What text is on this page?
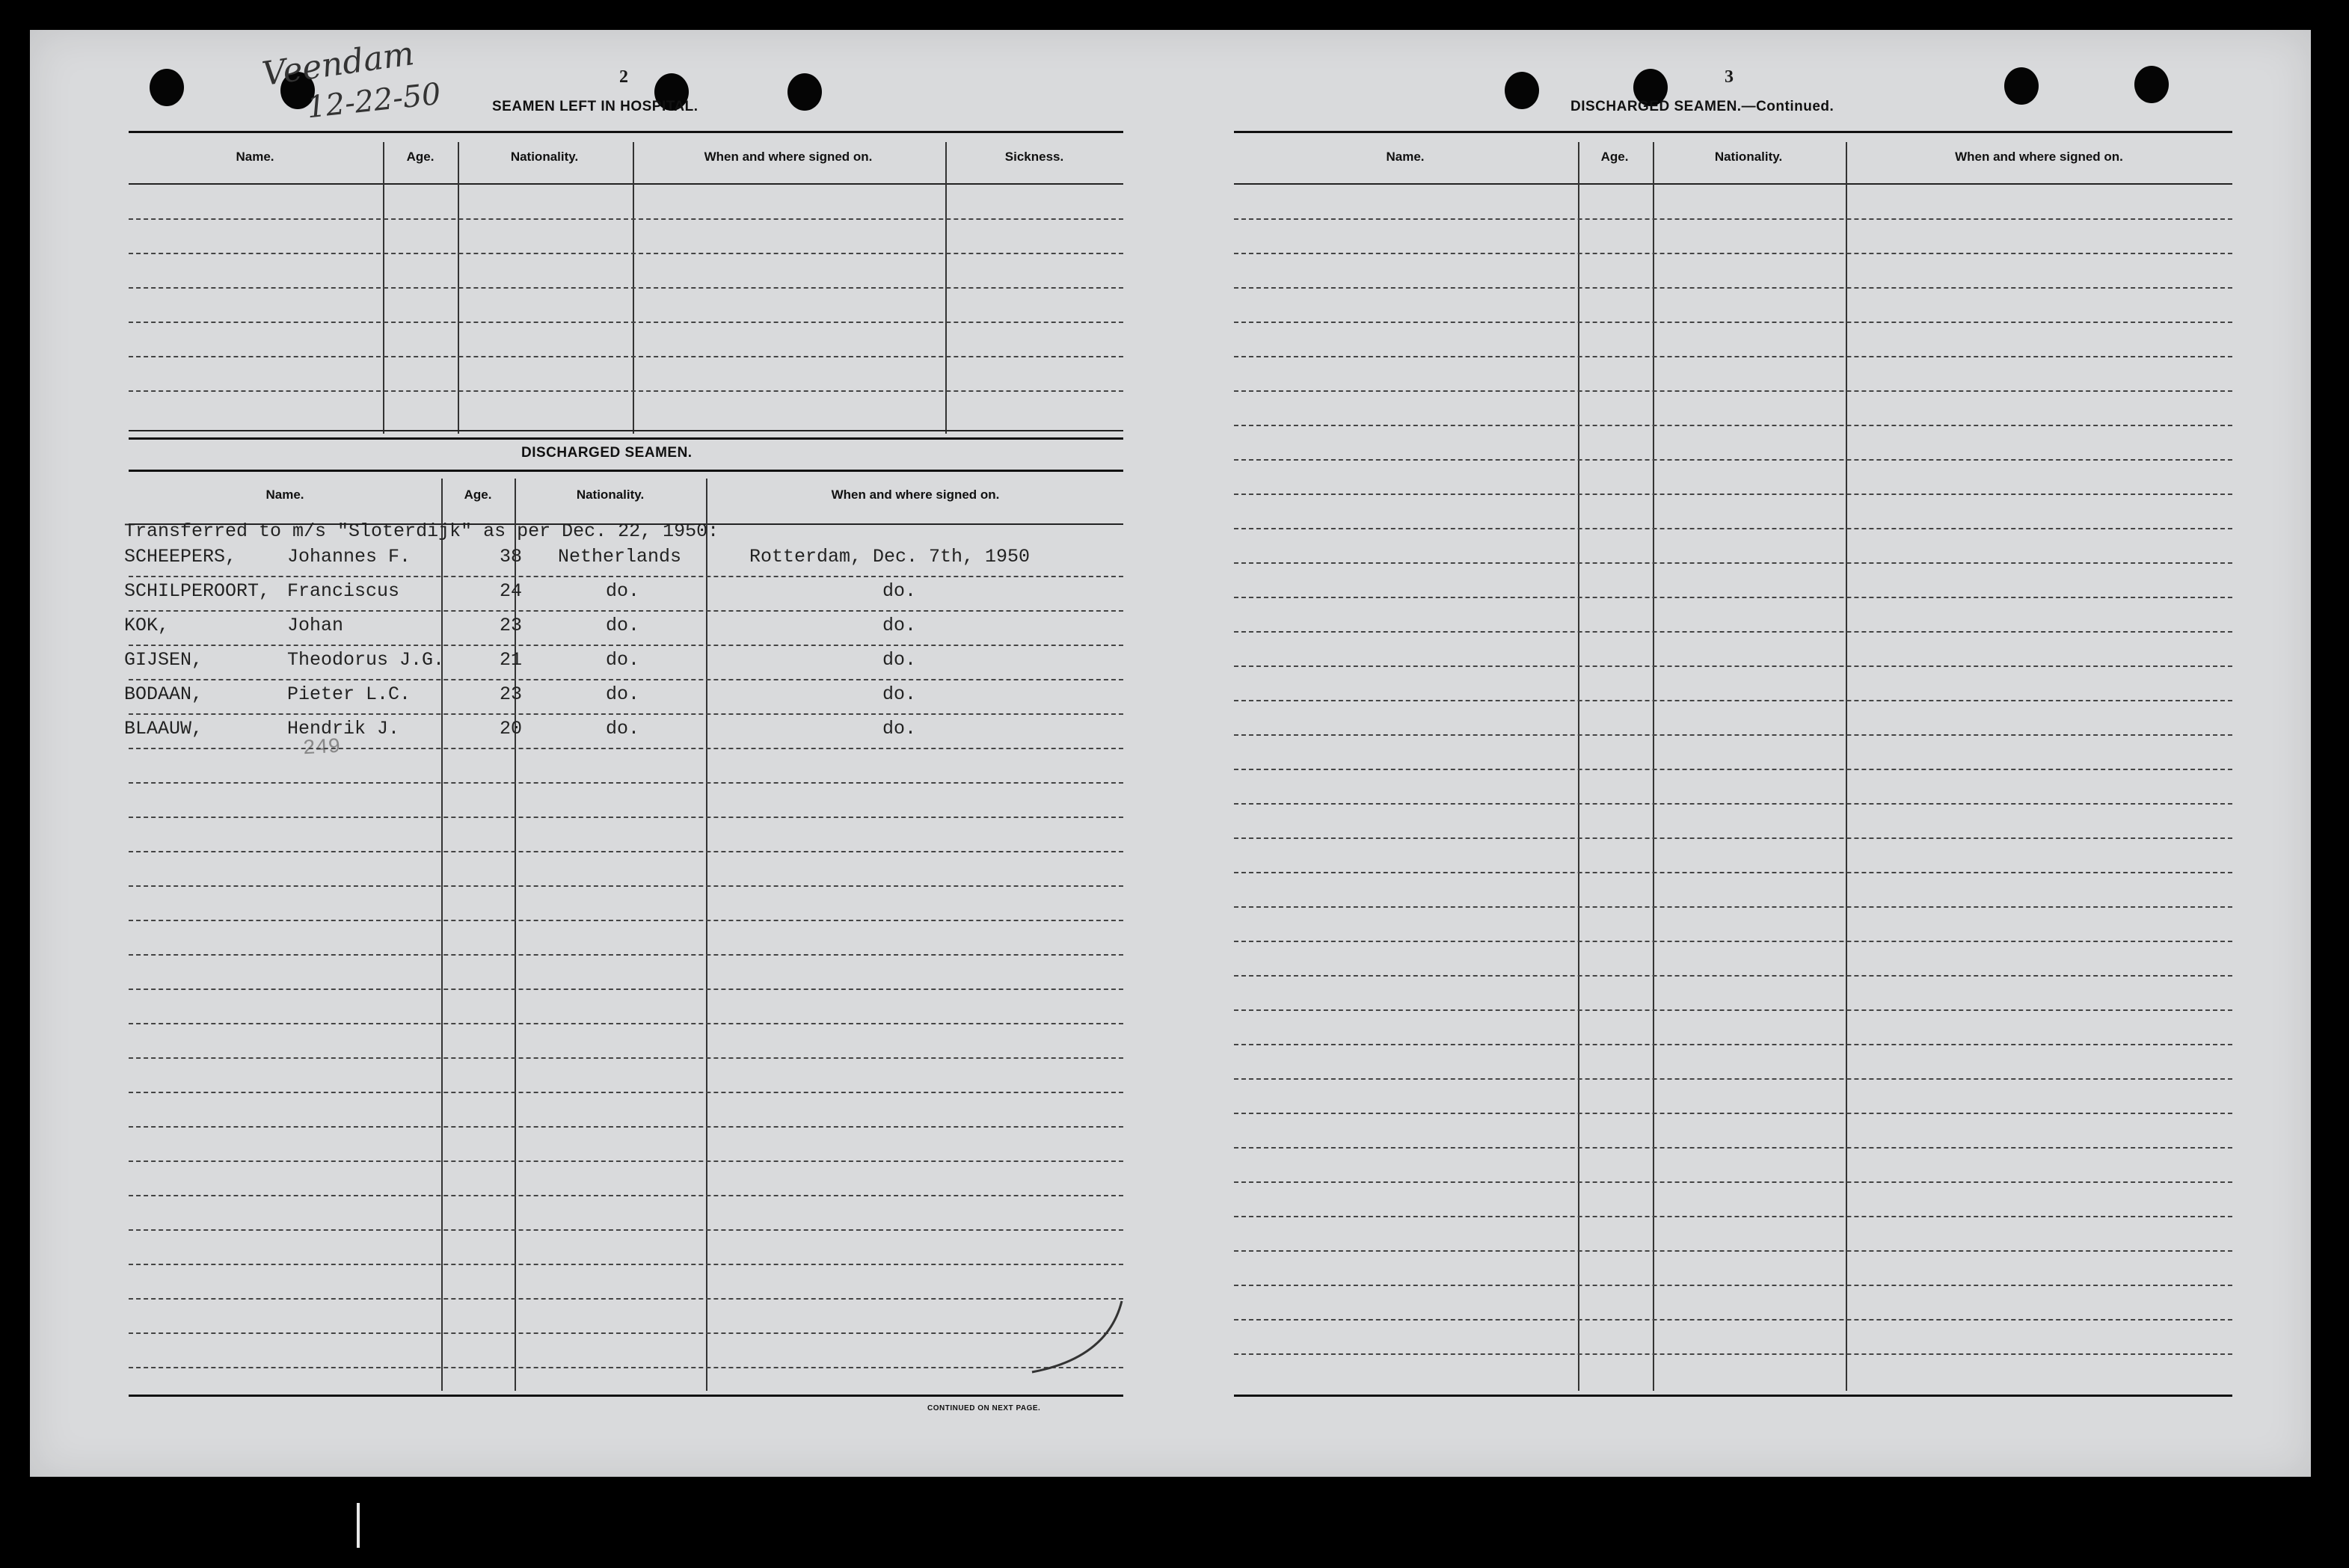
Veendam
12-22-50	2
SEAMEN LEFT IN HOSPITAL.
Name.	Age.	Nationality.	When and where signed on.	Sickness.
DISCHARGED SEAMEN.
Name.	Age.	Nationality.	When and where signed on.
Transferred to m/s "Sloterdijk" as per Dec. 22, 1950:
SCHEEPERS,	Johannes F.	38 Netherlands	Rotterdam, Dec. 7th, 1950
SCHILPEROORT, Franciscus	24	do.	do.
KOK,	Johan	23	do.	do.
GIJSEN,	Theodorus J.G.	21	do.	do.
BODAAN,	Pieter L.C.	23	do.	do.
BLAAUW,	Hendrik J.	20	do.	do.
249
CONTINUED ON NEXT PAGE.
3
DISCHARGED SEAMEN.—Continued.
Name.	Age.	Nationality.	When and where signed on.
